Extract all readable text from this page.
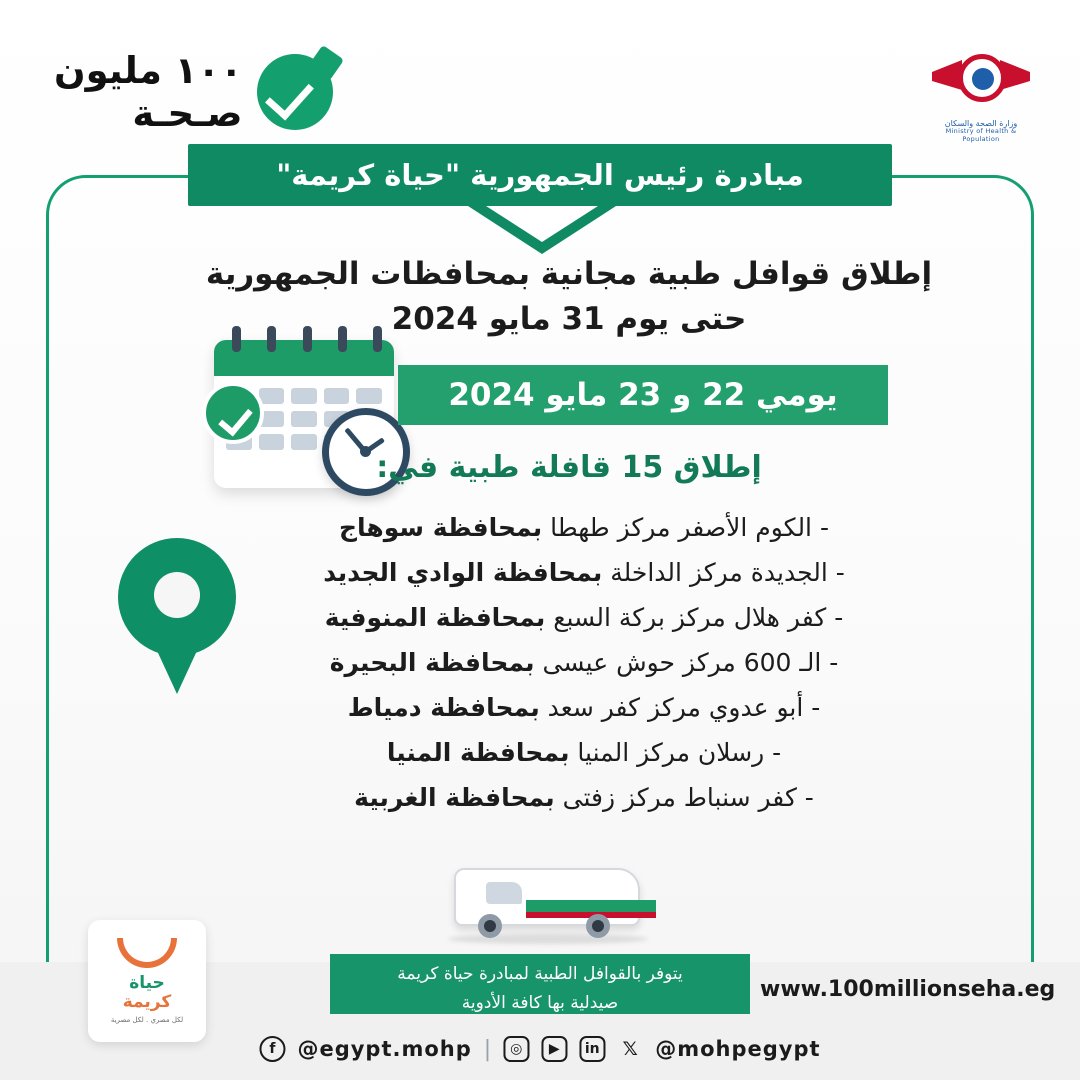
وزارة الصحة والسكان
Ministry of Health & Population
١٠٠ مليون
صـحـة
مبادرة رئيس الجمهورية "حياة كريمة"
إطلاق قوافل طبية مجانية بمحافظات الجمهورية
حتى يوم 31 مايو 2024
يومي 22 و 23 مايو 2024
إطلاق 15 قافلة طبية في:
- الكوم الأصفر مركز طهطا بمحافظة سوهاج
- الجديدة مركز الداخلة بمحافظة الوادي الجديد
- كفر هلال مركز بركة السبع بمحافظة المنوفية
- الـ 600 مركز حوش عيسى بمحافظة البحيرة
- أبو عدوي مركز كفر سعد بمحافظة دمياط
- رسلان مركز المنيا بمحافظة المنيا
- كفر سنباط مركز زفتى بمحافظة الغربية
يتوفر بالقوافل الطبية لمبادرة حياة كريمة
صيدلية بها كافة الأدوية
www.100millionseha.eg
f	@egypt.mohp |	◎	▶	in 𝕏 @mohpegypt
حياة
كريمة
لكل مصري . لكل مصرية
